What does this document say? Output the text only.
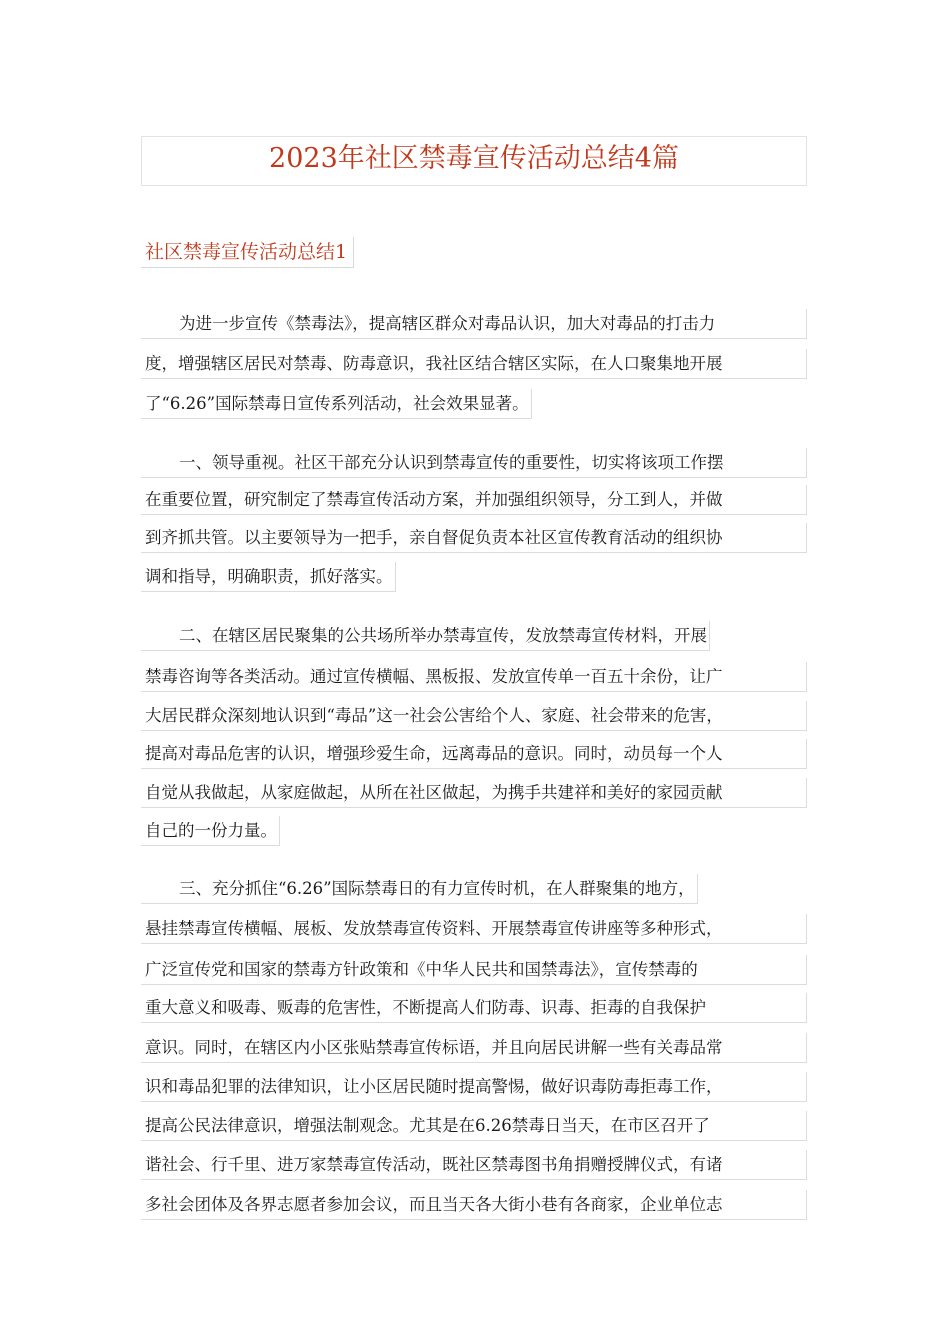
2023年社区禁毒宣传活动总结4篇
社区禁毒宣传活动总结1
为进一步宣传《禁毒法》，提高辖区群众对毒品认识，加大对毒品的打击力
度，增强辖区居民对禁毒、防毒意识，我社区结合辖区实际，在人口聚集地开展
了“6.26”国际禁毒日宣传系列活动，社会效果显著。
一、领导重视。社区干部充分认识到禁毒宣传的重要性，切实将该项工作摆
在重要位置，研究制定了禁毒宣传活动方案，并加强组织领导，分工到人，并做
到齐抓共管。以主要领导为一把手，亲自督促负责本社区宣传教育活动的组织协
调和指导，明确职责，抓好落实。
二、在辖区居民聚集的公共场所举办禁毒宣传，发放禁毒宣传材料，开展
禁毒咨询等各类活动。通过宣传横幅、黑板报、发放宣传单一百五十余份，让广
大居民群众深刻地认识到“毒品”这一社会公害给个人、家庭、社会带来的危害，
提高对毒品危害的认识，增强珍爱生命，远离毒品的意识。同时，动员每一个人
自觉从我做起，从家庭做起，从所在社区做起，为携手共建祥和美好的家园贡献
自己的一份力量。
三、充分抓住“6.26”国际禁毒日的有力宣传时机，在人群聚集的地方，
悬挂禁毒宣传横幅、展板、发放禁毒宣传资料、开展禁毒宣传讲座等多种形式，
广泛宣传党和国家的禁毒方针政策和《中华人民共和国禁毒法》，宣传禁毒的
重大意义和吸毒、贩毒的危害性，不断提高人们防毒、识毒、拒毒的自我保护
意识。同时，在辖区内小区张贴禁毒宣传标语，并且向居民讲解一些有关毒品常
识和毒品犯罪的法律知识，让小区居民随时提高警惕，做好识毒防毒拒毒工作，
提高公民法律意识，增强法制观念。尤其是在6.26禁毒日当天，在市区召开了
谐社会、行千里、进万家禁毒宣传活动，既社区禁毒图书角捐赠授牌仪式，有诸
多社会团体及各界志愿者参加会议，而且当天各大街小巷有各商家，企业单位志
